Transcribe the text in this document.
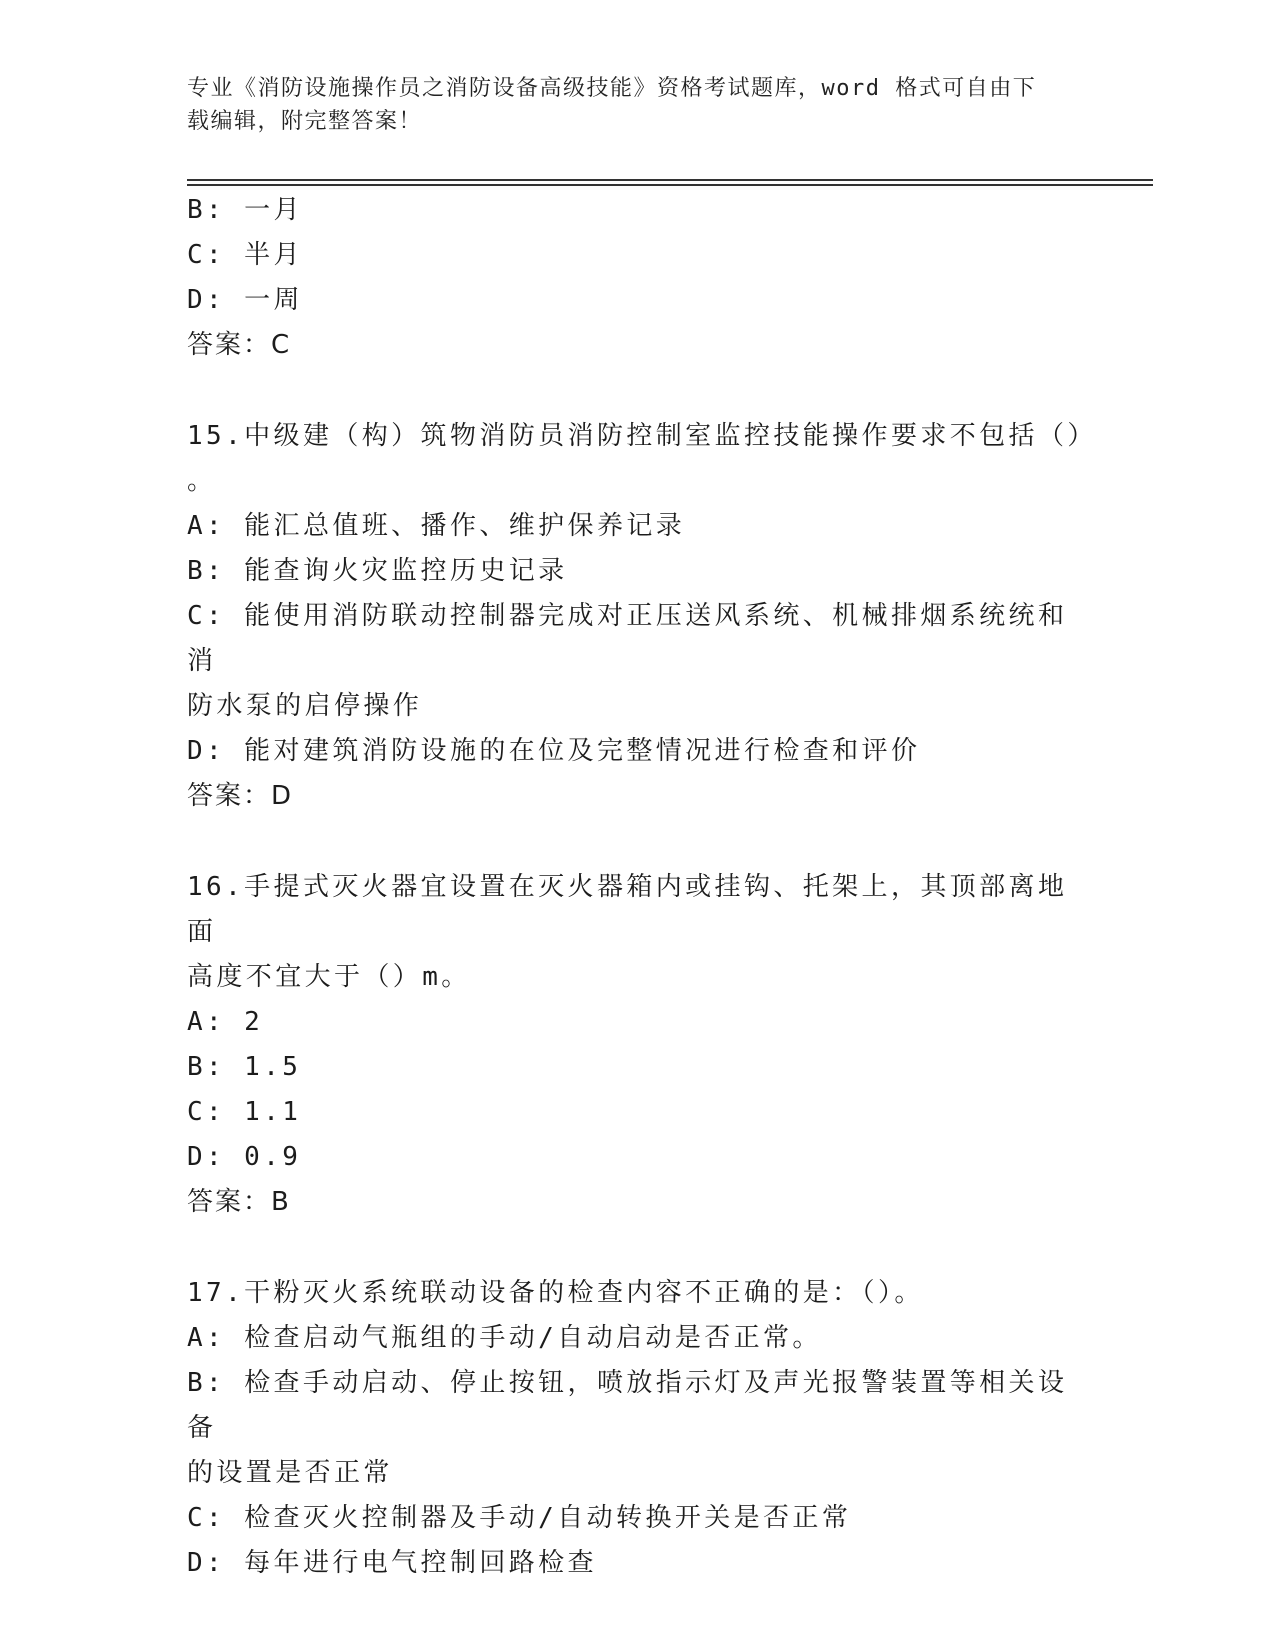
专业《消防设施操作员之消防设备高级技能》资格考试题库，word 格式可自由下
载编辑，附完整答案！
B: 一月
C: 半月
D: 一周
答案：C
15.中级建（构）筑物消防员消防控制室监控技能操作要求不包括（）
。
A: 能汇总值班、播作、维护保养记录
B: 能查询火灾监控历史记录
C: 能使用消防联动控制器完成对正压送风系统、机械排烟系统统和消
防水泵的启停操作
D: 能对建筑消防设施的在位及完整情况进行检查和评价
答案：D
16.手提式灭火器宜设置在灭火器箱内或挂钩、托架上，其顶部离地面
高度不宜大于（）m。
A: 2
B: 1.5
C: 1.1
D: 0.9
答案：B
17.干粉灭火系统联动设备的检查内容不正确的是：（）。
A: 检查启动气瓶组的手动/自动启动是否正常。
B: 检查手动启动、停止按钮，喷放指示灯及声光报警装置等相关设备
的设置是否正常
C: 检查灭火控制器及手动/自动转换开关是否正常
D: 每年进行电气控制回路检查
